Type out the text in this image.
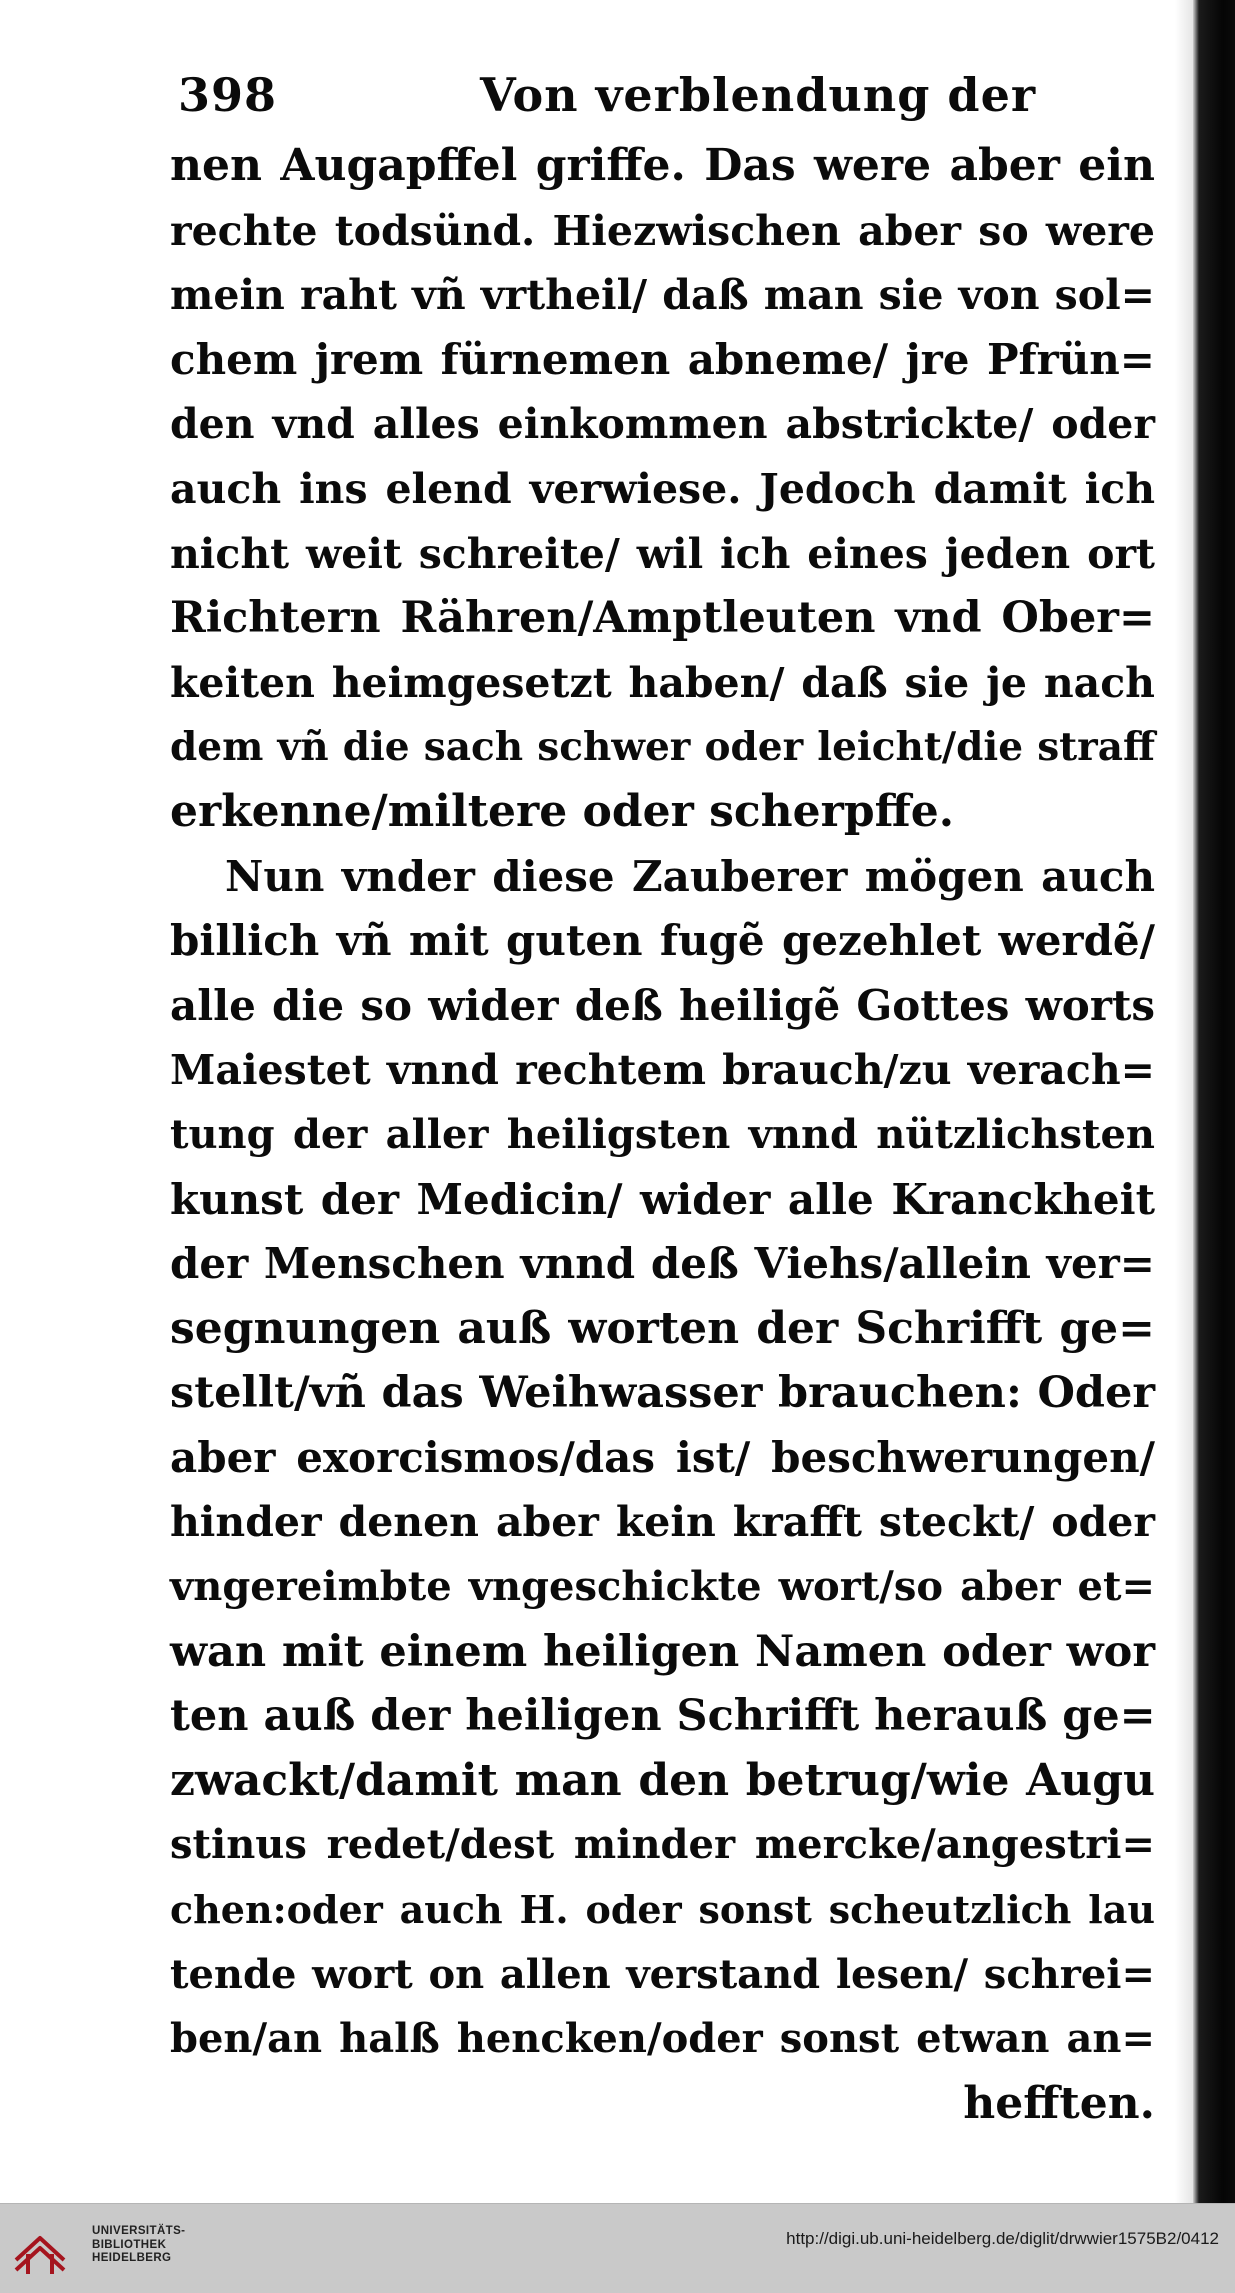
398	Von verblendung der
nen Augapffel griffe. Das were aber ein
rechte todsünd. Hiezwischen aber so were
mein raht vñ vrtheil/ daß man sie von sol=
chem jrem fürnemen abneme/ jre Pfrün=
den vnd alles einkommen abstrickte/ oder
auch ins elend verwiese. Jedoch damit ich
nicht weit schreite/ wil ich eines jeden ort
Richtern Rähren/Amptleuten vnd Ober=
keiten heimgesetzt haben/ daß sie je nach
dem vñ die sach schwer oder leicht/die straff
erkenne/miltere oder scherpffe.
Nun vnder diese Zauberer mögen auch
billich vñ mit guten fugẽ gezehlet werdẽ/
alle die so wider deß heiligẽ Gottes worts
Maiestet vnnd rechtem brauch/zu verach=
tung der aller heiligsten vnnd nützlichsten
kunst der Medicin/ wider alle Kranckheit
der Menschen vnnd deß Viehs/allein ver=
segnungen auß worten der Schrifft ge=
stellt/vñ das Weihwasser brauchen: Oder
aber exorcismos/das ist/ beschwerungen/
hinder denen aber kein krafft steckt/ oder
vngereimbte vngeschickte wort/so aber et=
wan mit einem heiligen Namen oder wor
ten auß der heiligen Schrifft herauß ge=
zwackt/damit man den betrug/wie Augu
stinus redet/dest minder mercke/angestri=
chen:oder auch H. oder sonst scheutzlich lau
tende wort on allen verstand lesen/ schrei=
ben/an halß hencken/oder sonst etwan an=
hefften.
UNIVERSITÄTS-
BIBLIOTHEK
HEIDELBERG
http://digi.ub.uni-heidelberg.de/diglit/drwwier1575B2/0412
